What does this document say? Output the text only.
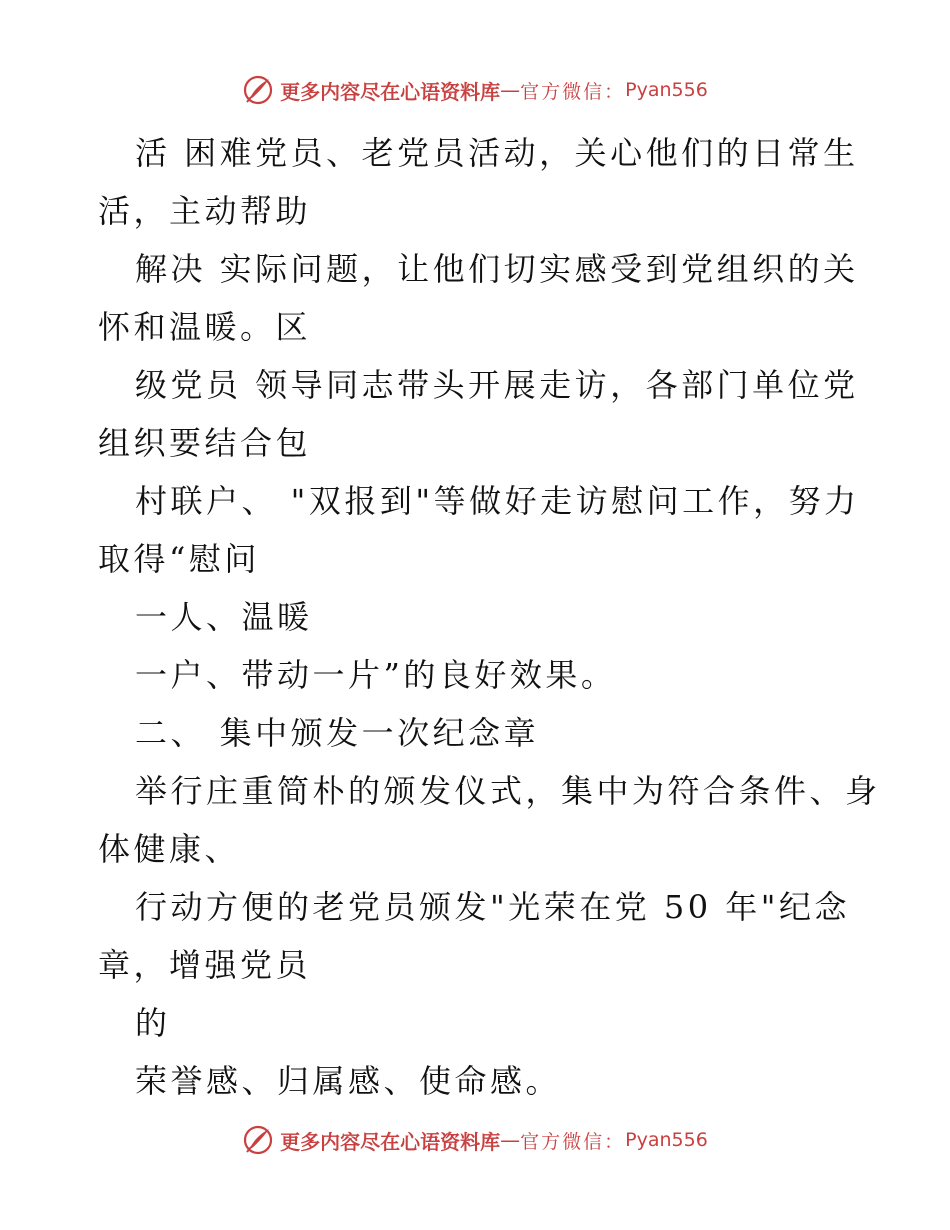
更多内容尽在心语资料库 — 官方微信： Pyan556
活 困难党员、老党员活动，关心他们的日常生
活，主动帮助
解决 实际问题，让他们切实感受到党组织的关
怀和温暖。区
级党员 领导同志带头开展走访，各部门单位党
组织要结合包
村联户、 "双报到"等做好走访慰问工作，努力
取得“慰问
一人、温暖
一户、带动一片”的良好效果。
二、 集中颁发一次纪念章
举行庄重简朴的颁发仪式，集中为符合条件、身
体健康、
行动方便的老党员颁发"光荣在党 50 年"纪念
章，增强党员
的
荣誉感、归属感、使命感。
更多内容尽在心语资料库 — 官方微信： Pyan556
